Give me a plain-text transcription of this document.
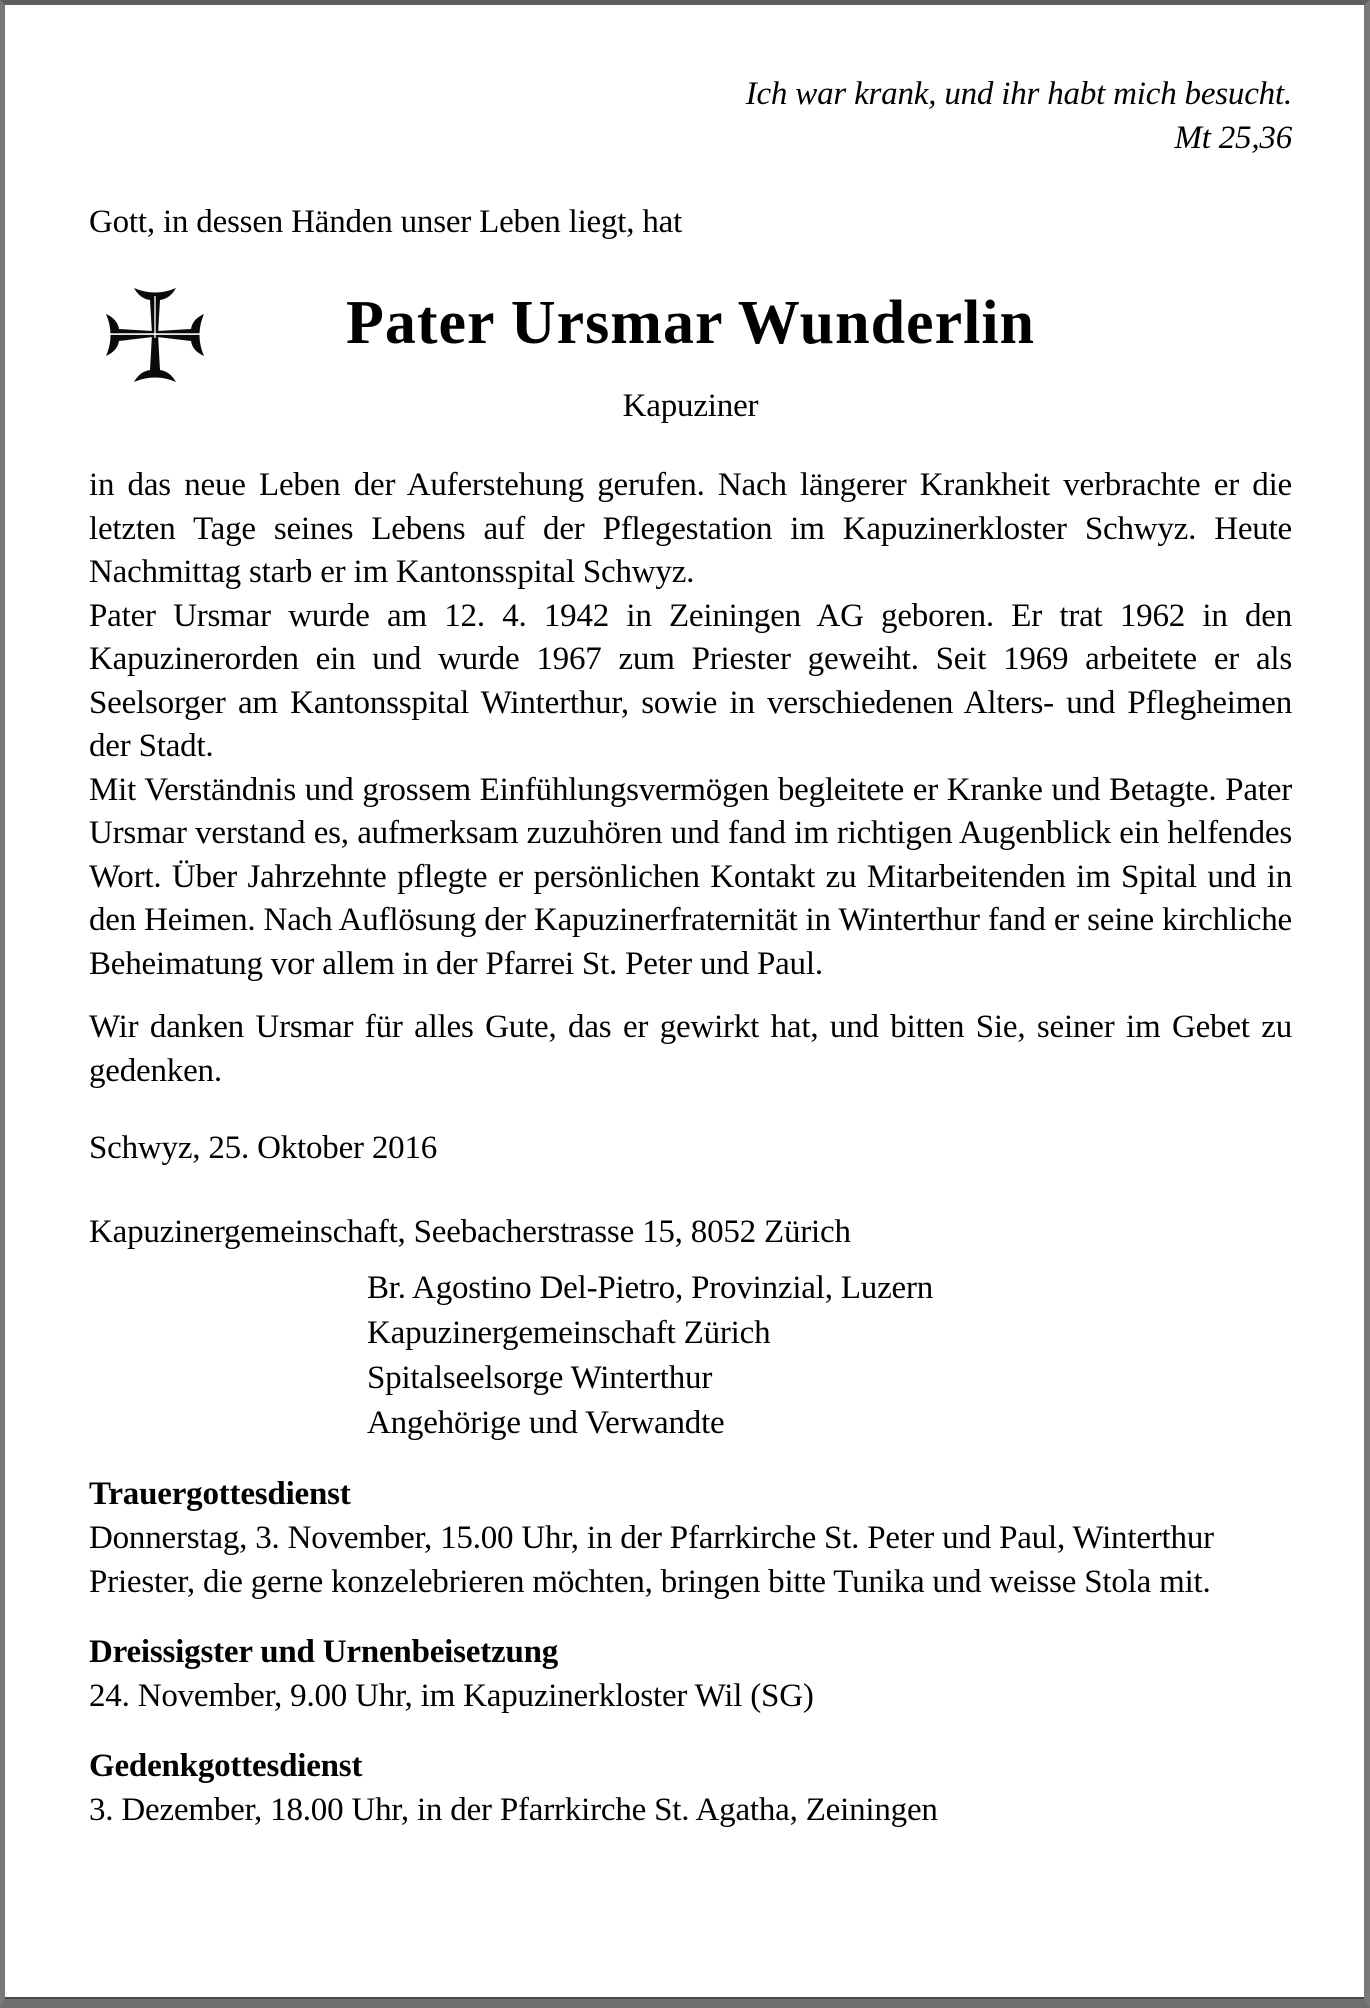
Ich war krank, und ihr habt mich besucht.
Mt 25,36
Gott, in dessen Händen unser Leben liegt, hat
Pater Ursmar Wunderlin
Kapuziner

in das neue Leben der Auferstehung gerufen. Nach längerer Krankheit verbrachte er die letzten Tage seines Lebens auf der Pflegestation im Kapuzinerkloster Schwyz. Heute Nachmittag starb er im Kantonsspital Schwyz.

Pater Ursmar wurde am 12. 4. 1942 in Zeiningen AG geboren. Er trat 1962 in den Kapuzinerorden ein und wurde 1967 zum Priester geweiht. Seit 1969 arbeitete er als Seelsorger am Kantonsspital Winterthur, sowie in verschiedenen Alters- und Pflegheimen der Stadt.

Mit Verständnis und grossem Einfühlungsvermögen begleitete er Kranke und Betagte. Pater Ursmar verstand es, aufmerksam zuzuhören und fand im richtigen Augenblick ein helfendes Wort. Über Jahrzehnte pflegte er persönlichen Kontakt zu Mitarbeitenden im Spital und in den Heimen. Nach Auflösung der Kapuzinerfraternität in Winterthur fand er seine kirchliche Beheimatung vor allem in der Pfarrei St. Peter und Paul.

Wir danken Ursmar für alles Gute, das er gewirkt hat, und bitten Sie, seiner im Gebet zu gedenken.

Schwyz, 25. Oktober 2016
Kapuzinergemeinschaft, Seebacherstrasse 15, 8052 Zürich
Br. Agostino Del-Pietro, Provinzial, Luzern
Kapuzinergemeinschaft Zürich
Spitalseelsorge Winterthur
Angehörige und Verwandte
Trauergottesdienst

Donnerstag, 3. November, 15.00 Uhr, in der Pfarrkirche St. Peter und Paul, Winterthur

Priester, die gerne konzelebrieren möchten, bringen bitte Tunika und weisse Stola mit.

Dreissigster und Urnenbeisetzung

24. November, 9.00 Uhr, im Kapuzinerkloster Wil (SG)

Gedenkgottesdienst

3. Dezember, 18.00 Uhr, in der Pfarrkirche St. Agatha, Zeiningen
